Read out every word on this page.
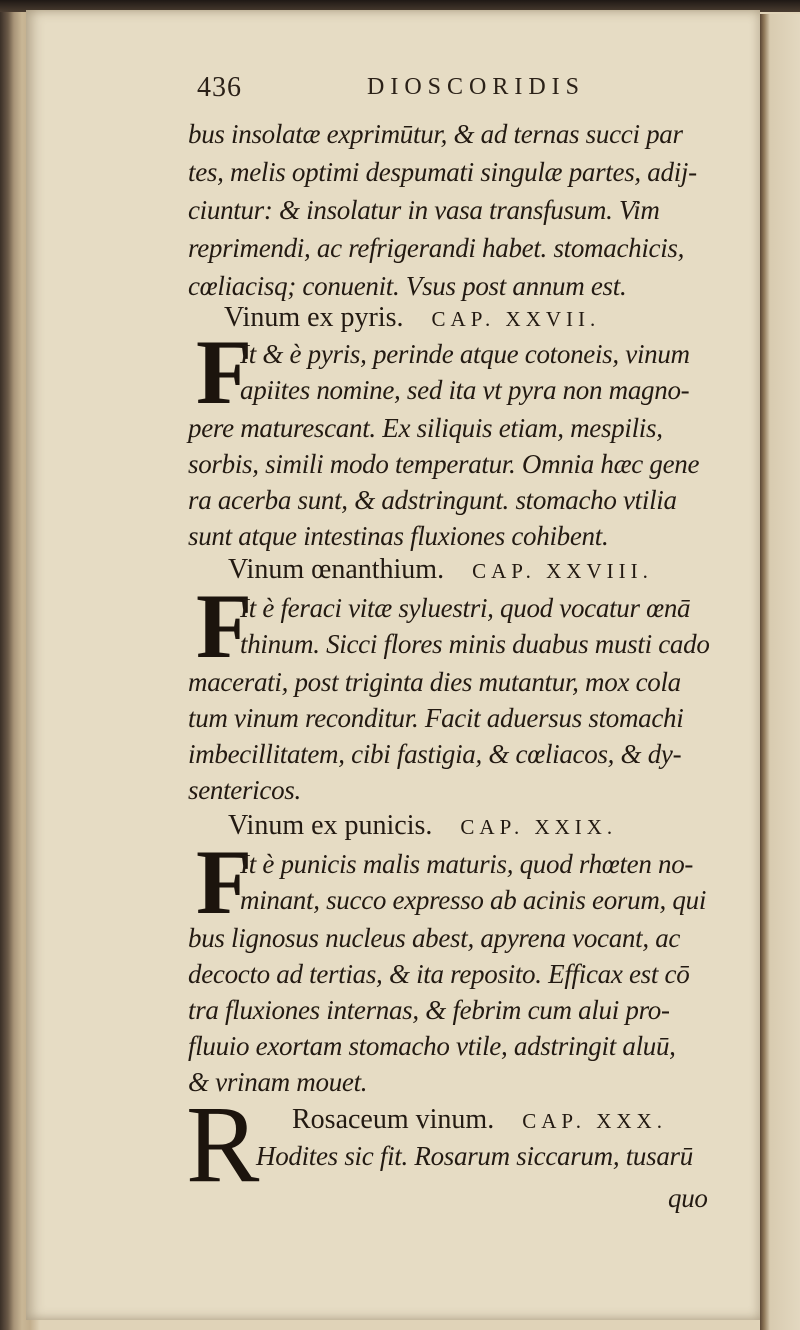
436	DIOSCORIDIS
bus insolatæ exprimūtur, & ad ternas succi par
tes, melis optimi despumati singulæ partes, adij-
ciuntur: & insolatur in vasa transfusum. Vim
reprimendi, ac refrigerandi habet. stomachicis,
cœliacisq; conuenit. Vsus post annum est.
Vinum ex pyris. CAP. XXVII.
F
It & è pyris, perinde atque cotoneis, vinum
apiites nomine, sed ita vt pyra non magno-
pere maturescant. Ex siliquis etiam, mespilis,
sorbis, simili modo temperatur. Omnia hæc gene
ra acerba sunt, & adstringunt. stomacho vtilia
sunt atque intestinas fluxiones cohibent.
Vinum œnanthium. CAP. XXVIII.
F
It è feraci vitæ syluestri, quod vocatur œnā
thinum. Sicci flores minis duabus musti cado
macerati, post triginta dies mutantur, mox cola
tum vinum reconditur. Facit aduersus stomachi
imbecillitatem, cibi fastigia, & cœliacos, & dy-
sentericos.
Vinum ex punicis. CAP. XXIX.
F
It è punicis malis maturis, quod rhœten no-
minant, succo expresso ab acinis eorum, qui
bus lignosus nucleus abest, apyrena vocant, ac
decocto ad tertias, & ita reposito. Efficax est cō
tra fluxiones internas, & febrim cum alui pro-
fluuio exortam stomacho vtile, adstringit aluū,
& vrinam mouet.
R Rosaceum vinum. CAP. XXX.
Hodites sic fit. Rosarum siccarum, tusarū
quo
